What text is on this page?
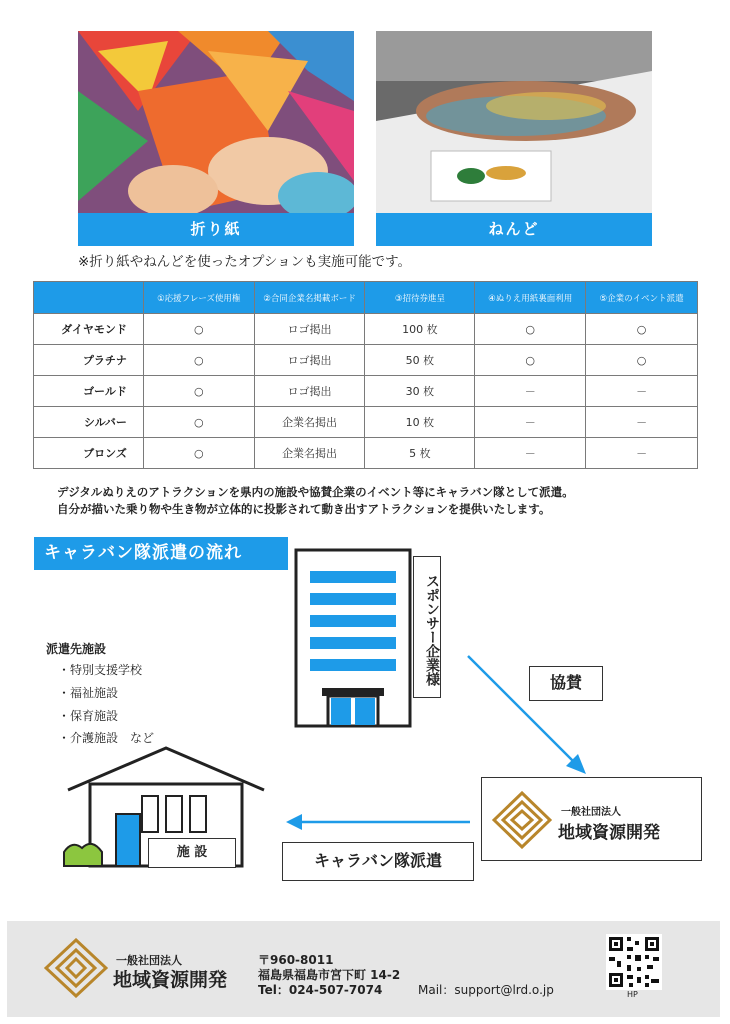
折り紙	ねんど
※折り紙やねんどを使ったオプションも実施可能です。
	①応援フレーズ使用権	②合同企業名掲載ボード	③招待券進呈	④ぬりえ用紙裏面利用	⑤企業のイベント派遣
ダイヤモンド	○	ロゴ掲出	100 枚	○	○
プラチナ	○	ロゴ掲出	50 枚	○	○
ゴールド	○	ロゴ掲出	30 枚	－	－
シルバー	○	企業名掲出	10 枚	－	－
ブロンズ	○	企業名掲出	5 枚	－	－
デジタルぬりえのアトラクションを県内の施設や協賛企業のイベント等にキャラバン隊として派遣。
自分が描いた乗り物や生き物が立体的に投影されて動き出すアトラクションを提供いたします。
キャラバン隊派遣の流れ
スポンサー企業様
派遣先施設
・特別支援学校
・福祉施設
・保育施設
・介護施設　など
協賛
キャラバン隊派遣
施 設
一般社団法人
地域資源開発
一般社団法人
地域資源開発
〒960-8011
福島県福島市宮下町 14-2
Tel：024-507-7074	Mail：support@lrd.o.jp	HP
